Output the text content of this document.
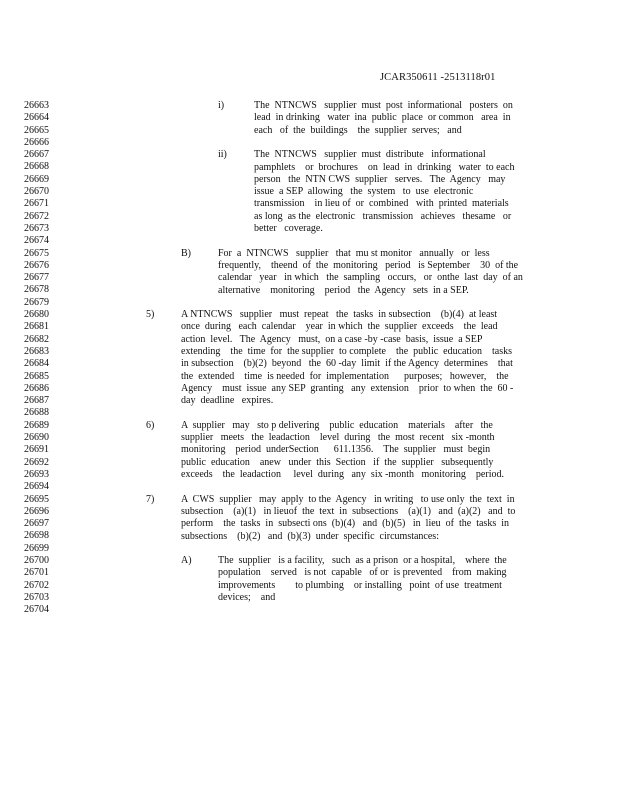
JCAR350611 -2513118r01
26663
26664
26665
26666
26667
26668
26669
26670
26671
26672
26673
26674
26675
26676
26677
26678
26679
26680
26681
26682
26683
26684
26685
26686
26687
26688
26689
26690
26691
26692
26693
26694
26695
26696
26697
26698
26699
26700
26701
26702
26703
26704
i)	The  NTNCWS   supplier  must  post  informational   posters  on
lead  in drinking   water  ina  public  place  or common   area  in
each   of  the  buildings    the  supplier  serves;   and
ii)	The  NTNCWS   supplier  must  distribute   informational
pamphlets    or  brochures    on  lead  in  drinking   water  to each
person   the  NTN CWS  supplier   serves.   The  Agency   may
issue  a SEP  allowing   the  system   to  use  electronic
transmission    in lieu of  or  combined   with  printed  materials
as long  as the  electronic   transmission   achieves   thesame   or
better   coverage.
B)	For  a  NTNCWS   supplier   that  mu st monitor   annually   or  less
frequently,    theend  of  the  monitoring   period   is September    30  of the
calendar   year   in which   the  sampling   occurs,   or  onthe  last  day  of an
alternative    monitoring    period   the  Agency   sets  in a SEP.
5)	A NTNCWS   supplier   must  repeat   the  tasks  in subsection    (b)(4)  at least
once  during   each  calendar    year  in which  the  supplier  exceeds    the  lead
action  level.   The  Agency   must,  on a case -by -case  basis,  issue  a SEP
extending    the  time  for  the supplier  to complete    the  public  education    tasks
in subsection    (b)(2)  beyond   the  60 -day  limit  if the Agency  determines    that
the  extended    time  is needed  for  implementation      purposes;   however,    the
Agency    must  issue  any SEP  granting   any  extension    prior  to when  the  60 -
day  deadline   expires.
6)	A  supplier   may   sto p delivering    public  education    materials    after   the
supplier   meets   the  leadaction    level  during   the  most  recent   six -month
monitoring    period  underSection      611.1356.    The  supplier   must  begin
public  education    anew   under  this  Section   if  the  supplier   subsequently
exceeds    the  leadaction     level  during   any  six -month   monitoring    period.
7)	A  CWS  supplier   may  apply  to the  Agency   in writing   to use only  the  text  in
subsection    (a)(1)   in lieuof  the  text  in  subsections    (a)(1)   and  (a)(2)   and  to
perform    the  tasks  in  subsecti ons  (b)(4)   and  (b)(5)   in  lieu  of  the  tasks  in
subsections    (b)(2)   and  (b)(3)  under  specific  circumstances:
A)	The  supplier   is a facility,   such  as a prison  or a hospital,    where  the
population    served   is not  capable   of or  is prevented    from  making
improvements        to plumbing    or installing   point  of use  treatment
devices;    and
